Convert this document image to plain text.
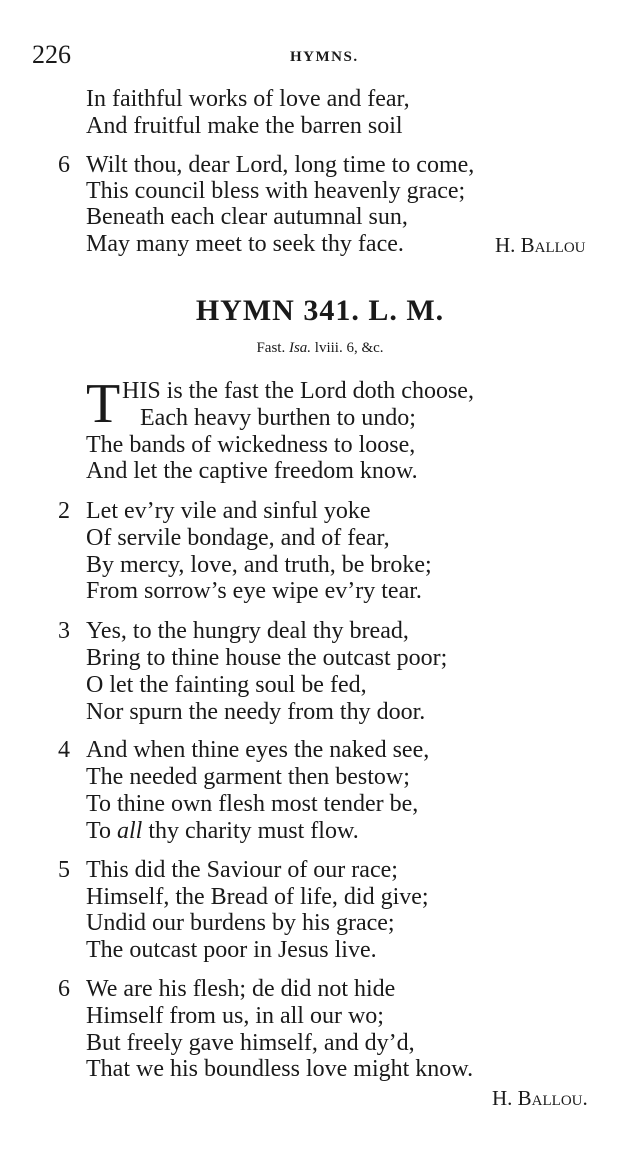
226	HYMNS.
In faithful works of love and fear,
And fruitful make the barren soil
6 Wilt thou, dear Lord, long time to come,
This council bless with heavenly grace;
Beneath each clear autumnal sun,
May many meet to seek thy face.	H. Ballou
HYMN 341. L. M.
Fast. Isa. lviii. 6, &c.
T HIS is the fast the Lord doth choose,
Each heavy burthen to undo;
The bands of wickedness to loose,
And let the captive freedom know.
2 Let ev’ry vile and sinful yoke
Of servile bondage, and of fear,
By mercy, love, and truth, be broke;
From sorrow’s eye wipe ev’ry tear.
3 Yes, to the hungry deal thy bread,
Bring to thine house the outcast poor;
O let the fainting soul be fed,
Nor spurn the needy from thy door.
4 And when thine eyes the naked see,
The needed garment then bestow;
To thine own flesh most tender be,
To all thy charity must flow.
5 This did the Saviour of our race;
Himself, the Bread of life, did give;
Undid our burdens by his grace;
The outcast poor in Jesus live.
6 We are his flesh; de did not hide
Himself from us, in all our wo;
But freely gave himself, and dy’d,
That we his boundless love might know.
H. Ballou.
